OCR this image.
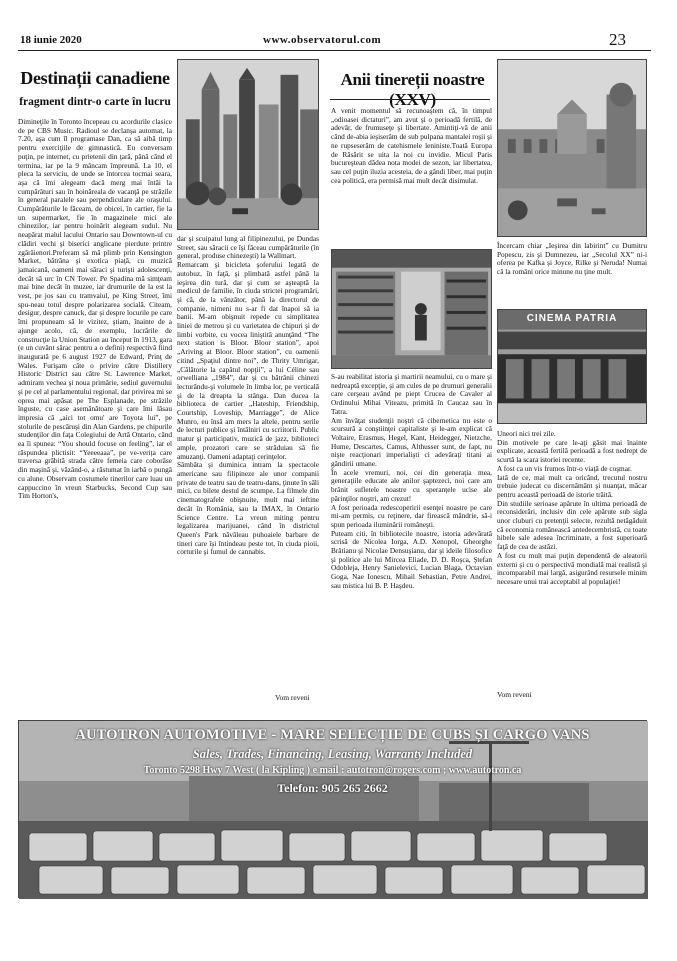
18 iunie 2020	www.observatorul.com	23
Destinații canadiene
fragment dintr-o carte în lucru
Dimineţile în Toronto începeau cu acordurile clasice de pe CBS Music. Radioul se declanşa automat, la 7.20, aşa cum îl programase Dan, ca să aibă timp pentru exerciţiile de gimnastică. Eu conversam puţin, pe internet, cu prietenii din ţară, până când el termina, iar pe la 9 mâncam împreună. La 10, el pleca la serviciu, de unde se întorcea tocmai seara, aşa că îmi alegeam dacă merg mai întâi la cumpărături sau în hoinăreala de vacanţă pe străzile în general paralele sau perpendiculare ale oraşului. Cumpărăturile le făceam, de obicei, în cartier, fie la un supermarket, fie în magazinele mici ale chinezilor, iar pentru hoinărit alegeam sudul. Nu neapărat malul lacului Ontario sau Downtown-ul cu clădiri vechi şi biserici anglicane pierdute printre zgârâienori.Preferam să mă plimb prin Kensington Market, bătrâna şi exotica piaţă, cu muzică jamaicană, oameni mai săraci şi turişti adolescenţi, decât să urc în CN Tower. Pe Spadina mă simţeam mai bine decât în muzee, iar drumurile de la est la vest, pe jos sau cu tramvaiul, pe King Street, îmi spu-neau totul despre polarizarea socială. Citeam, desigur, despre canuck, dar şi despre locurile pe care îmi propuneam să le vizitez, ştiam, înainte de a ajunge acolo, că, de exemplu, lucrările de construcţie la Union Station au început în 1913, gara (e un cuvânt sărac pentru a o defini) respectivă fiind inaugurată pe 6 august 1927 de Edward, Prinţ de Wales. Furişam câte o privire către Distillery Historic District sau către St. Lawrence Market, admiram vechea şi noua primărie, sediul guvernului şi pe cel al parlamentului regional, dar privirea mi se oprea mai apăsat pe The Esplanade, pe străzile înguste, cu case asemănătoare şi care îmi lăsau impresia că „aici tot omu' are Toyota lui”, pe stolurile de pescăruşi din Alan Gardens, pe chipurile studenţilor din faţa Colegiului de Artă Ontario, când ea îi spunea: “You should focuse on feeling”, iar el răspundea plictisit: “Yeeeeaaa”, pe ve-verița care traversa grăbită strada către femeia care coborâse din maşină şi, văzând-o, a răstumat în iarbă o pungă cu alune. Observam costumele tinerilor care luau un cappuccino în vreun Starbucks, Second Cup sau Tim Horton's,
dar şi scuipatul lung al filipinezului, pe Dundas Street, sau săracii ce îşi făceau cumpărăturile (în general, produse chinezeşti) la Wallmart.
Remarcam şi bicicleta şoferului legată de autobuz, în faţă, şi plimbată astfel până la ieşirea din tură, dar şi cum se aşteaptă la medicul de familie, în ciuda strictei programări, şi că, de la vânzător, până la directorul de companie, nimeni nu s-ar fi dat înapoi să ia banii. M-am obişnuit repede cu simplitatea liniei de metrou şi cu varietatea de chipuri şi de limbi vorbite, cu vocea liniştită anunţând “The next station is Bloor. Bloor station”, apoi „Ariving at Bloor. Bloor station”, cu oamenii citind „Spaţiul dintre noi”, de Thrity Umrigar, „Călătorie la capătul nopţii”, a lui Céline sau orwelliana „1984”, dar şi cu bătrânii chinezi lecturându-şi volumele în limba lor, pe verticală şi de la dreapta la stânga. Dan ducea la biblioteca de cartier „Hateship, Friendship, Courtship, Loveship, Marriagge”, de Alice Munro, eu însă am mers la altele, pentru serile de lecturi publice şi întâlniri cu scriitorii. Public matur şi participativ, muzică de jazz, biblioteci ample, prozatori care se străduiau să fie amuzanţi. Oameni adaptaţi cerinţelor.
Sâmbăta şi duminica intram la spectacole americane sau filipineze ale unor companii private de teatru sau de teatru-dans, ţinute în săli mici, cu bilete destul de scumpe. La filmele din cinematografele obişnuite, mult mai ieftine decât în România, sau la IMAX, în Ontario Science Centre. La vreun miting pentru legalizarea marijuanei, când în districtul Queen's Park năvăleau puhoaiele barbare de tineri care îşi întindeau peste tot, în ciuda pioii, corturile şi fumul de cannabis.
Vom reveni
Anii tinereții noastre (XXV)
A venit momentul să recunoaştem că, în timpul „odioasei dictaturi”, am avut şi o perioadă fertilă, de adevăr, de frumuseţe şi libertate. Amintiţi-vă de anii când de-abia ieşiserăm de sub pulpana mantalei roşii şi ne rupseserăm de catehismele leniniste.Toată Europa de Răsărit se uita la noi cu invidie. Micul Paris bucureştean dădea nota modei de sezon, iar libertatea, sau cel puţin iluzia acesteia, de a gândi liber, mai puţin cea politică, era permisă mai mult decât disimulat.
S-au reabilitat istoria şi martirii neamului, cu o mare şi nedreaptă excepţie, şi am cules de pe drumuri generalii care cerşeau având pe piept Crucea de Cavaler al Ordinului Mihai Viteazu, primită în Caucaz sau în Tatra.
Am învăţat studenţii noştri că cibernetica nu este o scursură a conştiinţei capitaliste şi le-am explicat că Voltaire, Erasmus, Hegel, Kant, Heidegger, Nietzche, Hume, Descartes, Camus, Althusser sunt, de fapt, nu nişte reacţionari imperialişti ci adevăraţi titani ai gândirii umane.
În acele vremuri, noi, cei din generaţia mea, generaţiile educate ale anilor şaptezeci, noi care am brănit sufletele noastre cu speranţele ucise ale părinţilor noştri, am crezut!
A fost perioada redescoperirii esenţei noastre pe care mi-am permis, cu reţinere, dar firească mândrie, să-i spun perioada iluminării româneşti.
Puteam citi, în bibliotecile noastre, istoria adevărată scrisă de Nicolea Iorga, A.D. Xenopol, Gheorghe Brătianu şi Nicolae Densuşianu, dar şi ideile filosofice şi politice ale lui Mircea Eliade, D. D. Roşca, Ştefan Odobleja, Henry Sanielevici, Lucian Blaga, Octavian Goga, Nae Ionescu, Mihail Sebastian, Petre Andrei, sau mistica lui B. P. Haşdeu.
Încercam chiar „Ieşirea din labirint” cu Dumitru Popescu, zis şi Dumnezeu, iar „Secolul XX” ni-i oferea pe Kafka şi Joyce, Rilke şi Neruda! Numai că la români orice minune nu ţine mult.
CINEMA PATRIA
Uneori nici trei zile.
Din motivele pe care le-aţi găsit mai înainte explicate, această fertilă perioadă a fost nedrept de scurtă la scara istoriei recente.
A fost ca un vis frumos într-o viaţă de coşmar.
Iată de ce, mai mult ca oricând, trecutul nostru trebuie judecat cu discernământ şi nuanţat, măcar pentru această perioadă de istorie trăită.
Din studiile serioase apărute în ultima perioadă de reconsiderări, inclusiv din cele apărute sub sigla unor cluburi cu pretenţii selecte, rezultă netăgăduit că economia românească antedecembristă, cu toate hibele sale adesea încriminate, a fost superioară faţă de cea de astăzi.
A fost cu mult mai puţin dependentă de aleatorii externi şi cu o perspectivă mondială mai realistă şi incomparabil mai largă, asigurând resursele minim necesare unui trai acceptabil al populaţiei!
Vom reveni
AUTOTRON AUTOMOTIVE - MARE SELECȚIE DE CUBS ȘI CARGO VANS
Sales, Trades, Financing, Leasing, Warranty Included
Toronto 5298 Hwy 7 West ( la Kipling ) e mail : autotron@rogers.com ; www.autotron.ca
Telefon: 905 265 2662
